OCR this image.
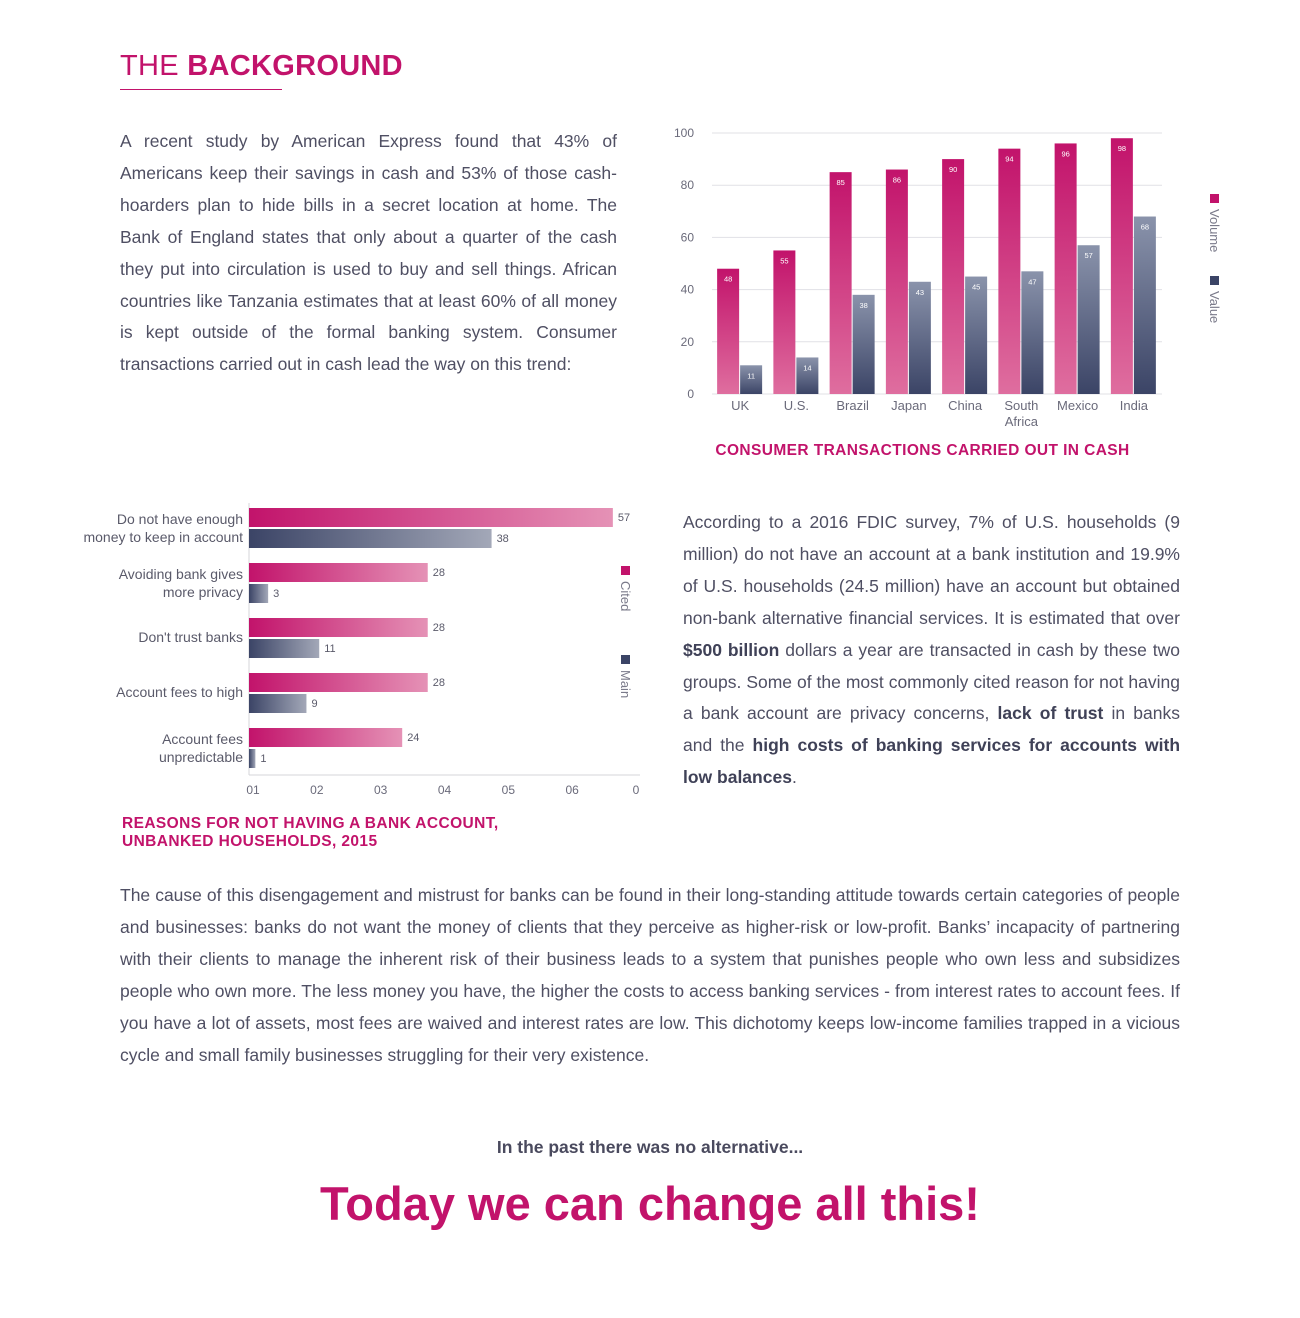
THE BACKGROUND

A recent study by American Express found that 43% of Americans keep their savings in cash and 53% of those cash-hoarders plan to hide bills in a secret location at home. The Bank of England states that only about a quarter of the cash they put into circulation is used to buy and sell things. African countries like Tanzania estimates that at least 60% of all money is kept outside of the formal banking system. Consumer transactions carried out in cash lead the way on this trend:

0
20
40
60
80
100
48
11
UK
55
14
U.S.
85
38
Brazil
86
43
Japan
90
45
China
94
47
South
Africa
96
57
Mexico
98
68
India
Volume
Value
CONSUMER TRANSACTIONS CARRIED OUT IN CASH
01	02	03	04	05	06	0
57
38
Do not have enough
money to keep in account
28
3
Avoiding bank gives
more privacy
28
11
Don't trust banks
28
9
Account fees to high
24
1
Account fees
unpredictable
Cited
Main
REASONS FOR NOT HAVING A BANK ACCOUNT, UNBANKED HOUSEHOLDS, 2015

According to a 2016 FDIC survey, 7% of U.S. households (9 million) do not have an account at a bank institution and 19.9% of U.S. households (24.5 million) have an account but obtained non-bank alternative financial services. It is estimated that over $500 billion dollars a year are transacted in cash by these two groups. Some of the most commonly cited reason for not having a bank account are privacy concerns, lack of trust in banks and the high costs of banking services for accounts with low balances.

The cause of this disengagement and mistrust for banks can be found in their long-standing attitude towards certain categories of people and businesses: banks do not want the money of clients that they perceive as higher-risk or low-profit. Banks’ incapacity of partnering with their clients to manage the inherent risk of their business leads to a system that punishes people who own less and subsidizes people who own more. The less money you have, the higher the costs to access banking services - from interest rates to account fees. If you have a lot of assets, most fees are waived and interest rates are low. This dichotomy keeps low-income families trapped in a vicious cycle and small family businesses struggling for their very existence.

In the past there was no alternative...
Today we can change all this!
